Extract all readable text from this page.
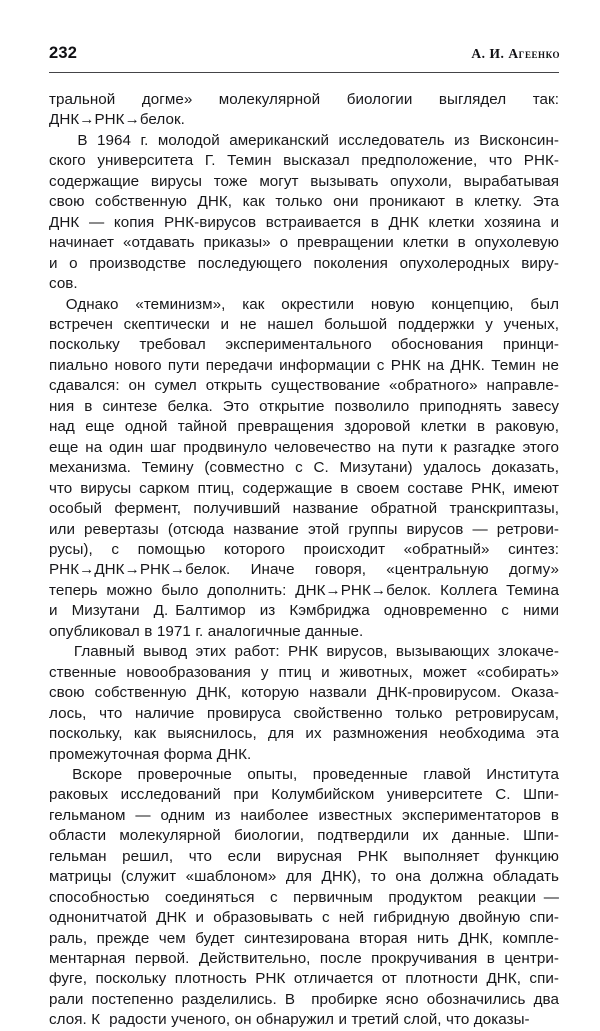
232	А. И. Агеенко

тральной    догме»    молекулярной    биологии    выглядел    так:
ДНК→РНК→белок.

В 1964 г. молодой американский исследователь из Висконсин-
ского университета Г. Темин высказал предположение, что РНК-
содержащие вирусы тоже могут вызывать опухоли, вырабатывая
свою собственную ДНК, как только они проникают в клетку. Эта
ДНК — копия РНК-вирусов встраивается в ДНК клетки хозяина и
начинает «отдавать приказы» о превращении клетки в опухолевую
и о производстве последующего поколения опухолеродных виру-
сов.

Однако   «теминизм»,   как   окрестили   новую   концепцию,   был
встречен скептически и не нашел большой поддержки у ученых,
поскольку   требовал   экспериментального   обоснования   принци-
пиально нового пути передачи информации с РНК на ДНК. Темин не
сдавался: он сумел открыть существование «обратного» направле-
ния в синтезе белка. Это открытие позволило приподнять завесу
над еще одной тайной превращения здоровой клетки в раковую,
еще на один шаг продвинуло человечество на пути к разгадке этого
механизма. Темину (совместно с С. Мизутани) удалось доказать,
что вирусы сарком птиц, содержащие в своем составе РНК, имеют
особый фермент, получивший название обратной транскриптазы,
или ревертазы (отсюда название этой группы вирусов — ретрови-
русы),   с   помощью   которого   происходит   «обратный»   синтез:
РНК→ДНК→РНК→белок.  Иначе  говоря,  «центральную  догму»
теперь можно было дополнить: ДНК→РНК→белок. Коллега Темина
и  Мизутани  Д. Балтимор  из  Кэмбриджа  одновременно  с  ними
опубликовал в 1971 г. аналогичные данные.

Главный вывод этих работ: РНК вирусов, вызывающих злокаче-
ственные новообразования у птиц и животных, может «собирать»
свою собственную ДНК, которую назвали ДНК-провирусом. Оказа-
лось, что наличие провируса свойственно только ретровирусам,
поскольку, как выяснилось, для их размножения необходима эта
промежуточная форма ДНК.

Вскоре  проверочные  опыты,  проведенные  главой  Института
раковых исследований при Колумбийском университете С. Шпи-
гельманом — одним из наиболее известных экспериментаторов в
области молекулярной биологии, подтвердили их данные. Шпи-
гельман  решил,  что  если  вирусная  РНК  выполняет  функцию
матрицы (служит «шаблоном» для ДНК), то она должна обладать
способностью  соединяться  с  первичным  продуктом  реакции —
однонитчатой ДНК и образовывать с ней гибридную двойную спи-
раль, прежде чем будет синтезирована вторая нить ДНК, компле-
ментарная первой. Действительно, после прокручивания в центри-
фуге, поскольку плотность РНК отличается от плотности ДНК, спи-
рали постепенно разделились. В  пробирке ясно обозначились два
слоя. К  радости ученого, он обнаружил и третий слой, что доказы-
